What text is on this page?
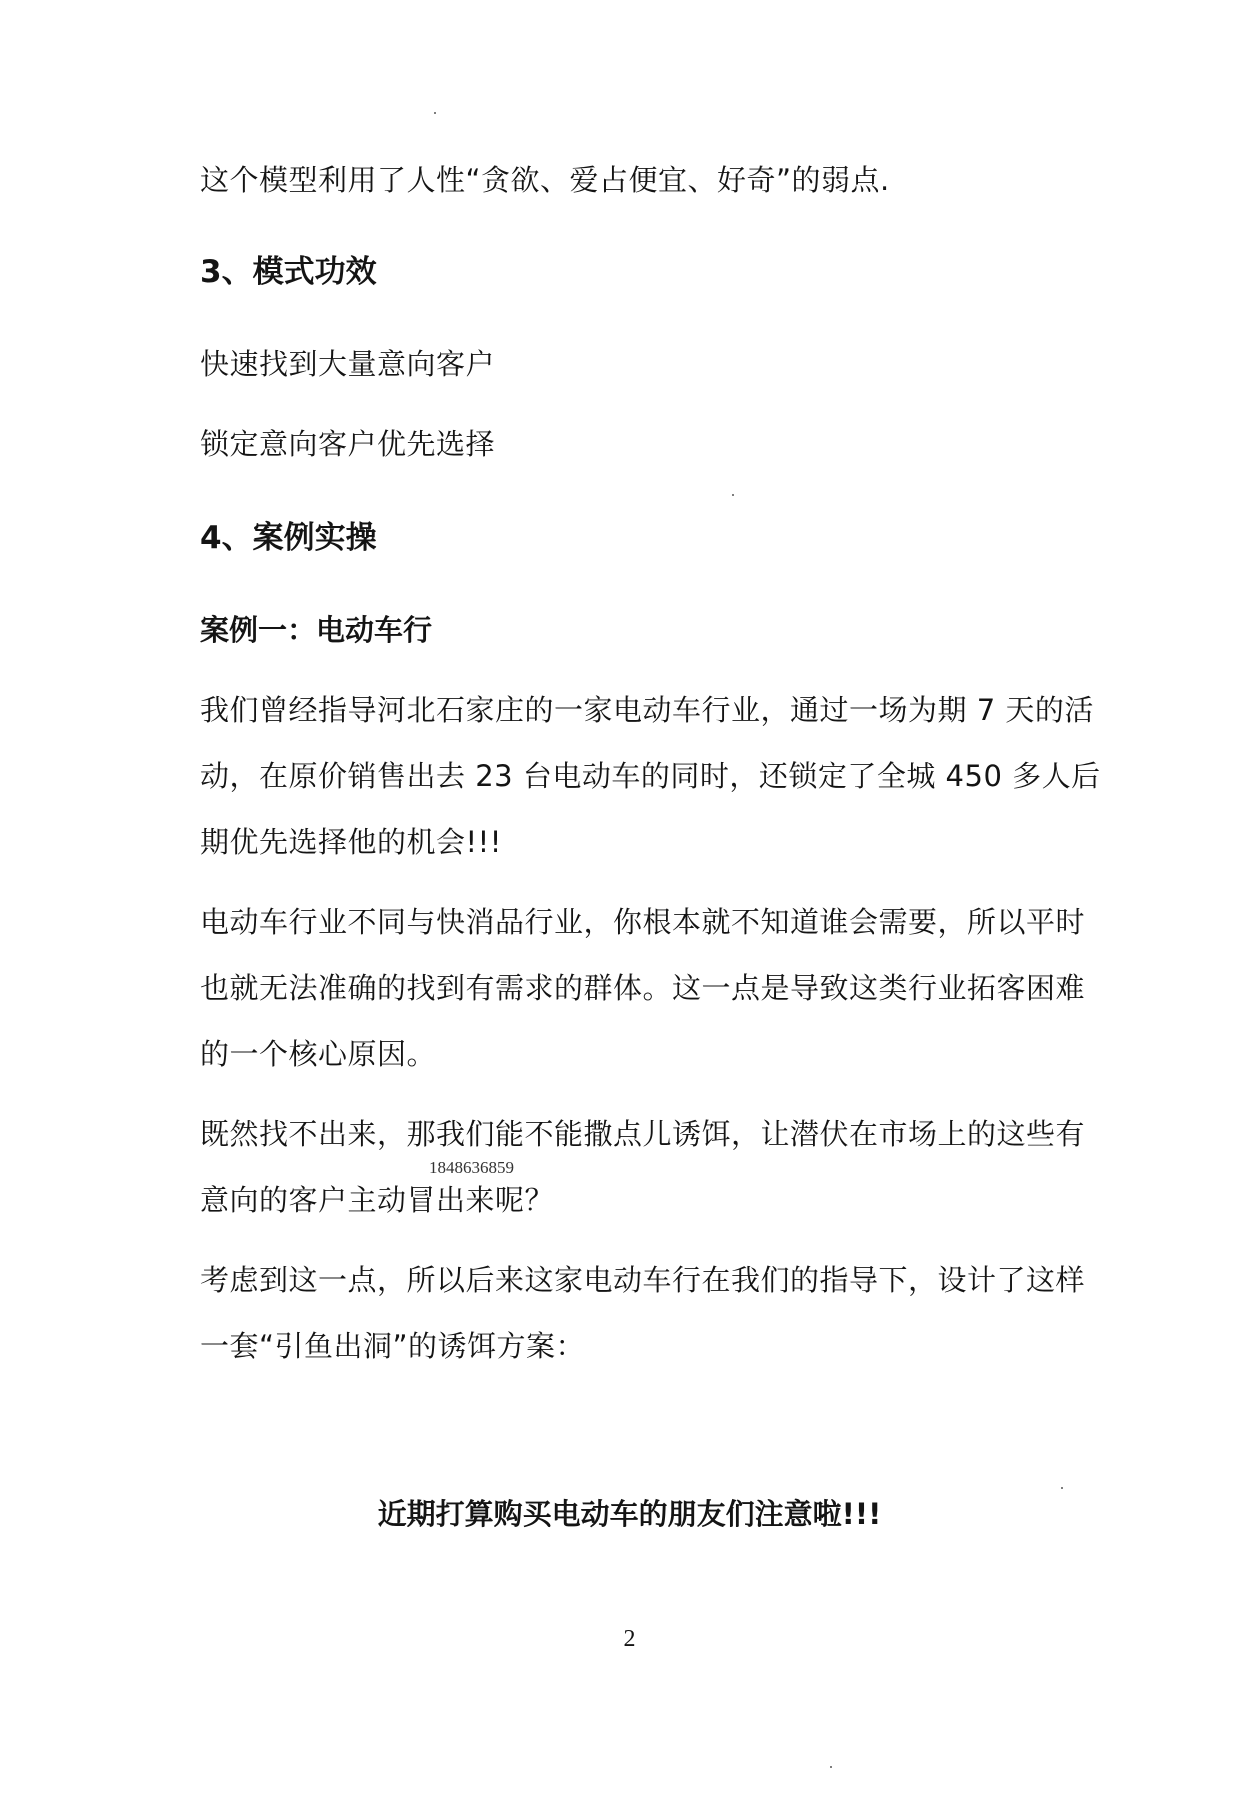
这个模型利用了人性“贪欲、爱占便宜、好奇”的弱点.
3、模式功效
快速找到大量意向客户
锁定意向客户优先选择
4、案例实操
案例一：电动车行
我们曾经指导河北石家庄的一家电动车行业，通过一场为期 7 天的活
动，在原价销售出去 23 台电动车的同时，还锁定了全城 450 多人后
期优先选择他的机会!!!
电动车行业不同与快消品行业，你根本就不知道谁会需要，所以平时
也就无法准确的找到有需求的群体。这一点是导致这类行业拓客困难
的一个核心原因。
既然找不出来，那我们能不能撒点儿诱饵，让潜伏在市场上的这些有
意向的客户主动冒出来呢？
1848636859
考虑到这一点，所以后来这家电动车行在我们的指导下，设计了这样
一套“引鱼出洞”的诱饵方案：
近期打算购买电动车的朋友们注意啦!!!
2
